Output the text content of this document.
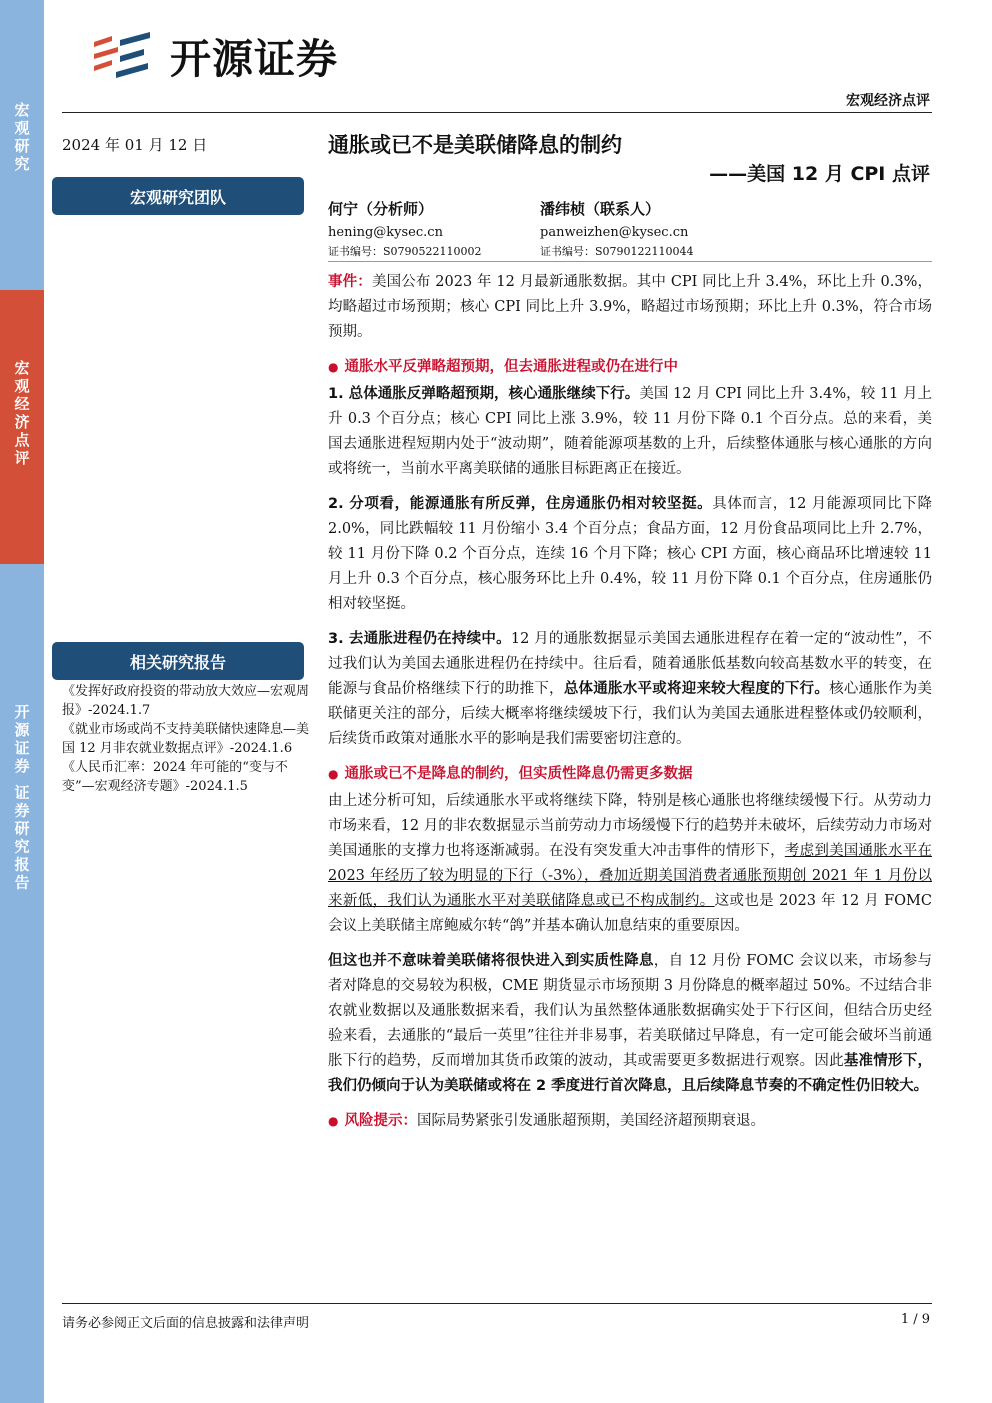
宏观研究
宏观经济点评
开源证券 证券研究报告
开源证券
宏观经济点评
2024 年 01 月 12 日
宏观研究团队
相关研究报告
《发挥好政府投资的带动放大效应—宏观周报》-2024.1.7
《就业市场或尚不支持美联储快速降息—美国 12 月非农就业数据点评》-2024.1.6
《人民币汇率：2024 年可能的“变与不变”—宏观经济专题》-2024.1.5
通胀或已不是美联储降息的制约
——美国 12 月 CPI 点评
何宁（分析师）
hening@kysec.cn
证书编号：S0790522110002
潘纬桢（联系人）
panweizhen@kysec.cn
证书编号：S0790122110044

事件：美国公布 2023 年 12 月最新通胀数据。其中 CPI 同比上升 3.4%，环比上升 0.3%，均略超过市场预期；核心 CPI 同比上升 3.9%，略超过市场预期；环比上升 0.3%，符合市场预期。

● 通胀水平反弹略超预期，但去通胀进程或仍在进行中

1. 总体通胀反弹略超预期，核心通胀继续下行。美国 12 月 CPI 同比上升 3.4%，较 11 月上升 0.3 个百分点；核心 CPI 同比上涨 3.9%，较 11 月份下降 0.1 个百分点。总的来看，美国去通胀进程短期内处于“波动期”，随着能源项基数的上升，后续整体通胀与核心通胀的方向或将统一，当前水平离美联储的通胀目标距离正在接近。

2. 分项看，能源通胀有所反弹，住房通胀仍相对较坚挺。具体而言，12 月能源项同比下降 2.0%，同比跌幅较 11 月份缩小 3.4 个百分点；食品方面，12 月份食品项同比上升 2.7%，较 11 月份下降 0.2 个百分点，连续 16 个月下降；核心 CPI 方面，核心商品环比增速较 11 月上升 0.3 个百分点，核心服务环比上升 0.4%，较 11 月份下降 0.1 个百分点，住房通胀仍相对较坚挺。

3. 去通胀进程仍在持续中。12 月的通胀数据显示美国去通胀进程存在着一定的“波动性”，不过我们认为美国去通胀进程仍在持续中。往后看，随着通胀低基数向较高基数水平的转变，在能源与食品价格继续下行的助推下，总体通胀水平或将迎来较大程度的下行。核心通胀作为美联储更关注的部分，后续大概率将继续缓坡下行，我们认为美国去通胀进程整体或仍较顺利，后续货币政策对通胀水平的影响是我们需要密切注意的。

● 通胀或已不是降息的制约，但实质性降息仍需更多数据

由上述分析可知，后续通胀水平或将继续下降，特别是核心通胀也将继续缓慢下行。从劳动力市场来看，12 月的非农数据显示当前劳动力市场缓慢下行的趋势并未破坏，后续劳动力市场对美国通胀的支撑力也将逐渐减弱。在没有突发重大冲击事件的情形下，考虑到美国通胀水平在 2023 年经历了较为明显的下行（-3%），叠加近期美国消费者通胀预期创 2021 年 1 月份以来新低，我们认为通胀水平对美联储降息或已不构成制约。这或也是 2023 年 12 月 FOMC 会议上美联储主席鲍威尔转“鸽”并基本确认加息结束的重要原因。

但这也并不意味着美联储将很快进入到实质性降息，自 12 月份 FOMC 会议以来，市场参与者对降息的交易较为积极，CME 期货显示市场预期 3 月份降息的概率超过 50%。不过结合非农就业数据以及通胀数据来看，我们认为虽然整体通胀数据确实处于下行区间，但结合历史经验来看，去通胀的“最后一英里”往往并非易事，若美联储过早降息，有一定可能会破坏当前通胀下行的趋势，反而增加其货币政策的波动，其或需要更多数据进行观察。因此基准情形下，我们仍倾向于认为美联储或将在 2 季度进行首次降息，且后续降息节奏的不确定性仍旧较大。

● 风险提示：国际局势紧张引发通胀超预期，美国经济超预期衰退。

请务必参阅正文后面的信息披露和法律声明	1 / 9
